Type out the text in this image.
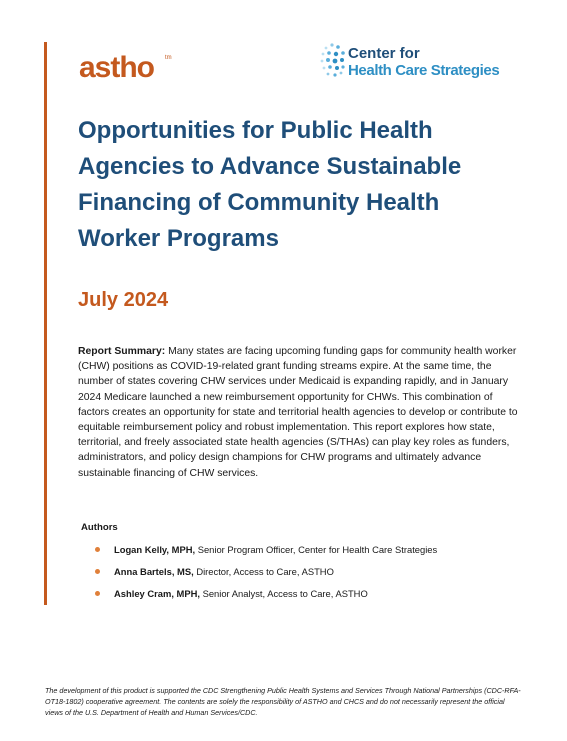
astho tm	Center for
Health Care Strategies
Opportunities for Public Health
Agencies to Advance Sustainable
Financing of Community Health
Worker Programs

July 2024

Report Summary: Many states are facing upcoming funding gaps for community health worker (CHW) positions as COVID-19-related grant funding streams expire. At the same time, the number of states covering CHW services under Medicaid is expanding rapidly, and in January 2024 Medicare launched a new reimbursement opportunity for CHWs. This combination of factors creates an opportunity for state and territorial health agencies to develop or contribute to equitable reimbursement policy and robust implementation. This report explores how state, territorial, and freely associated state health agencies (S/THAs) can play key roles as funders, administrators, and policy design champions for CHW programs and ultimately advance sustainable financing of CHW services.

Authors

Logan Kelly, MPH, Senior Program Officer, Center for Health Care Strategies
Anna Bartels, MS, Director, Access to Care, ASTHO
Ashley Cram, MPH, Senior Analyst, Access to Care, ASTHO

The development of this product is supported the CDC Strengthening Public Health Systems and Services Through National Partnerships (CDC-RFA-OT18-1802) cooperative agreement. The contents are solely the responsibility of ASTHO and CHCS and do not necessarily represent the official views of the U.S. Department of Health and Human Services/CDC.
